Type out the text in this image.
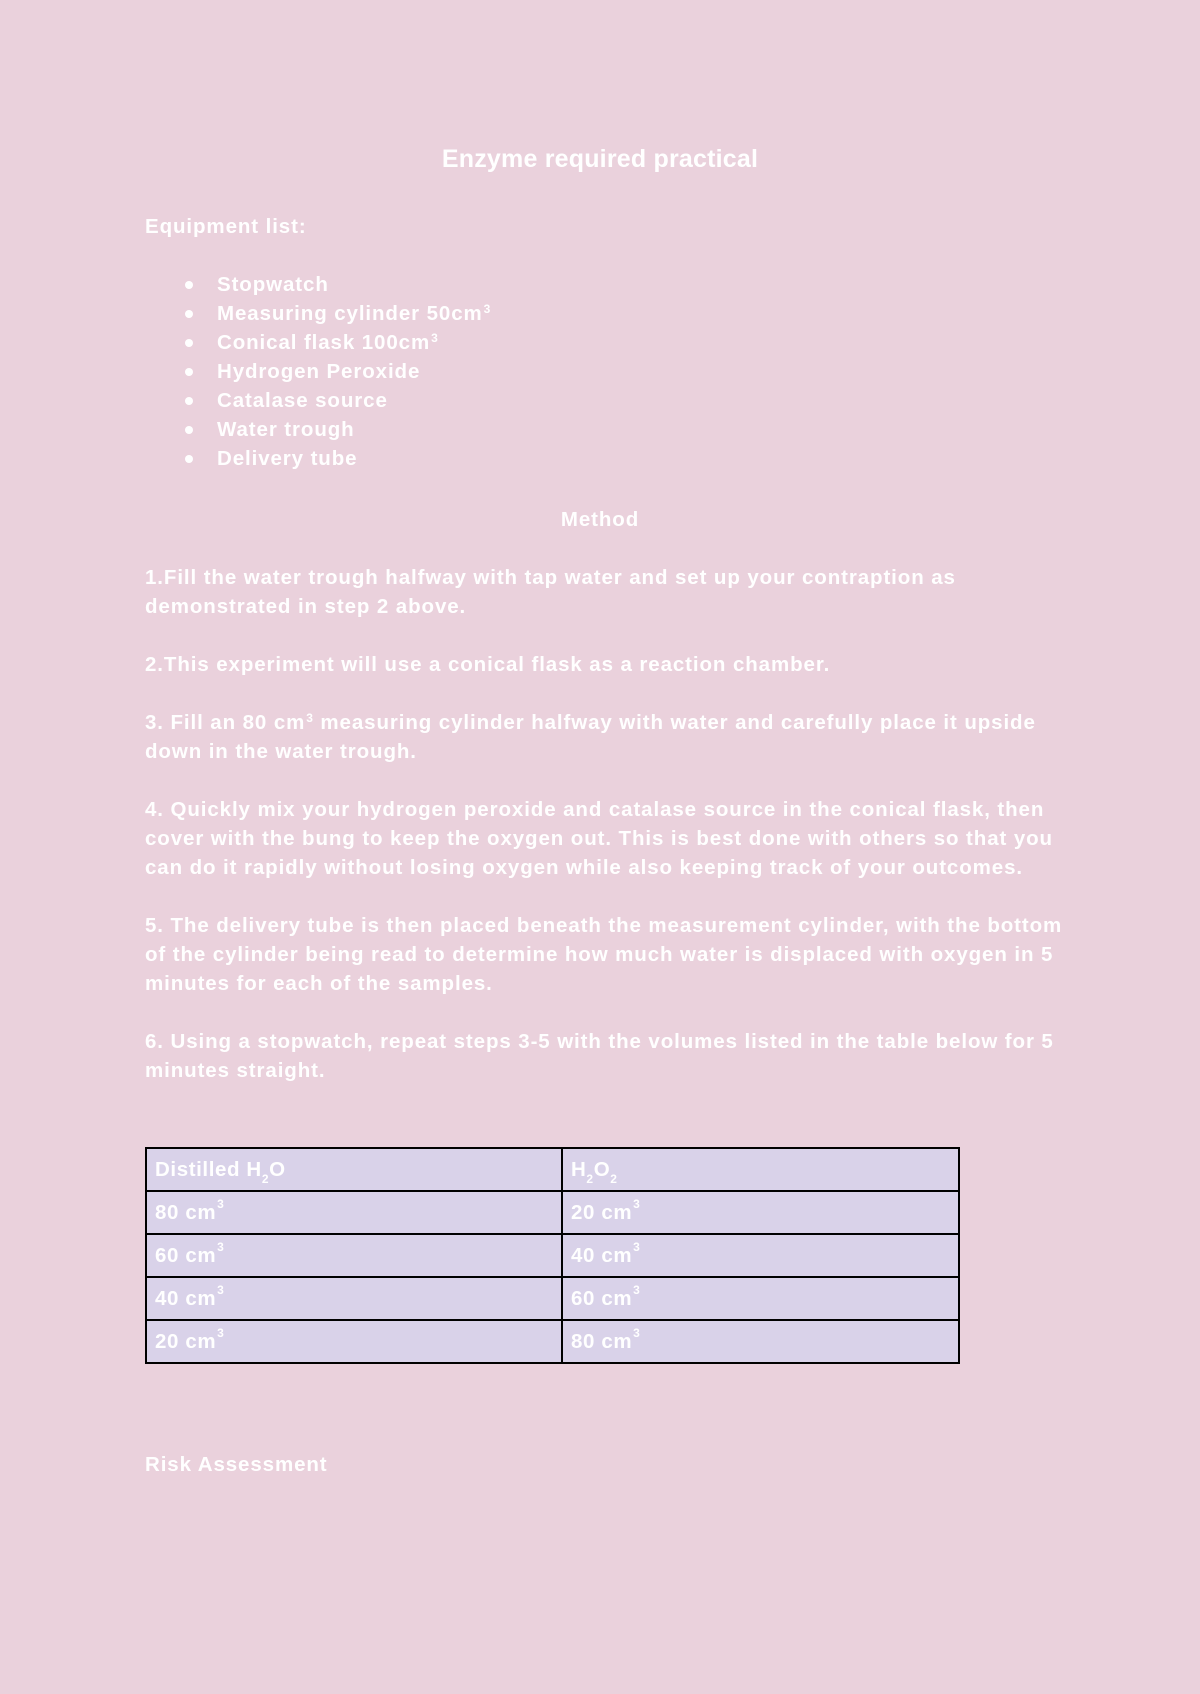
Enzyme required practical
Equipment list:
Stopwatch
Measuring cylinder $50cm^3$
Conical flask $100cm^3$
Hydrogen Peroxide
Catalase source
Water trough
Delivery tube
Method

1.Fill the water trough halfway with tap water and set up your contraption as demonstrated in step 2 above.

2.This experiment will use a conical flask as a reaction chamber.

3. Fill an 80 $cm^3$ measuring cylinder halfway with water and carefully place it upside down in the water trough.

4. Quickly mix your hydrogen peroxide and catalase source in the conical flask, then cover with the bung to keep the oxygen out. This is best done with others so that you can do it rapidly without losing oxygen while also keeping track of your outcomes.

5. The delivery tube is then placed beneath the measurement cylinder, with the bottom of the cylinder being read to determine how much water is displaced with oxygen in 5 minutes for each of the samples.

6. Using a stopwatch, repeat steps 3-5 with the volumes listed in the table below for 5 minutes straight.

Distilled $H_2O$	$H_2O_2$
80 $cm^3$	20 $cm^3$
60 $cm^3$	40 $cm^3$
40 $cm^3$	60 $cm^3$
20 $cm^3$	80 $cm^3$
Risk Assessment
